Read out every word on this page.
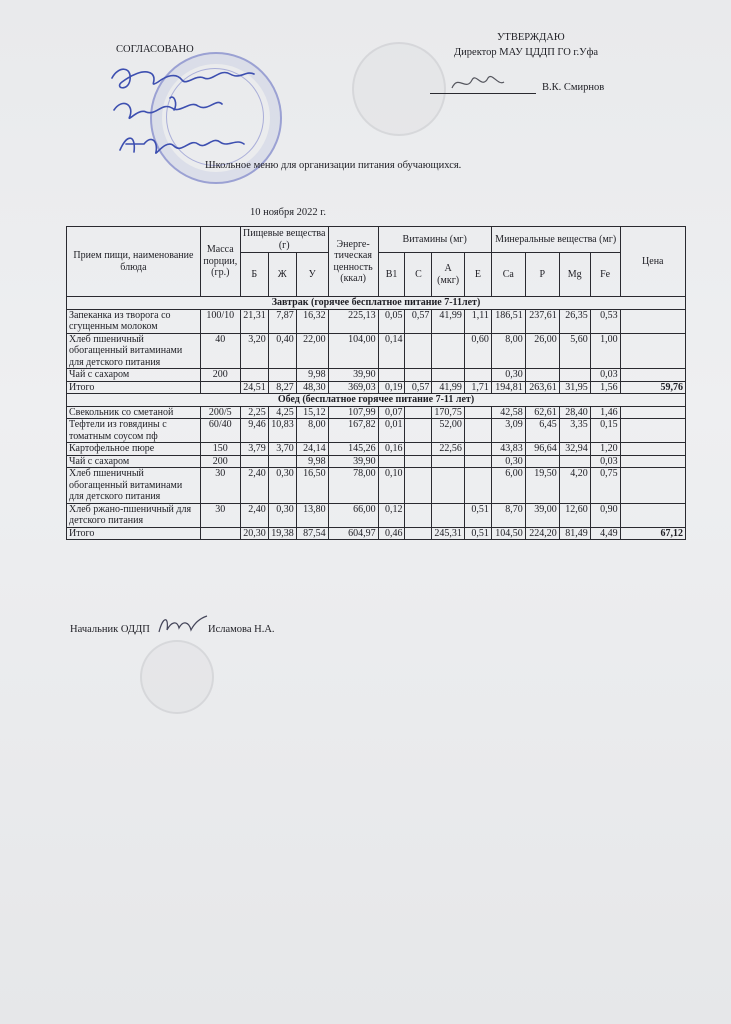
СОГЛАСОВАНО
УТВЕРЖДАЮ
Директор МАУ ЦДДП ГО г.Уфа
В.К. Смирнов
Школьное меню для организации питания обучающихся.
10 ноября 2022 г.
Прием пищи, наименование блюда	Масса порции, (гр.)	Пищевые вещества (г)			Энерге-тическая ценность (ккал)	Витамины (мг)				Минеральные вещества (мг)				Цена
		Б	Ж	У		B1	С	А (мкг)	Е	Ca	P	Mg	Fe	
Завтрак (горячее бесплатное питание 7-11лет)														
Запеканка из творога со сгущенным молоком	100/10	21,31	7,87	16,32	225,13	0,05	0,57	41,99	1,11	186,51	237,61	26,35	0,53	
Хлеб пшеничный обогащенный витаминами для детского питания	40	3,20	0,40	22,00	104,00	0,14			0,60	8,00	26,00	5,60	1,00	
Чай с сахаром	200			9,98	39,90					0,30			0,03	
Итого		24,51	8,27	48,30	369,03	0,19	0,57	41,99	1,71	194,81	263,61	31,95	1,56	59,76
Обед (бесплатное горячее питание 7-11 лет)														
Свекольник со сметаной	200/5	2,25	4,25	15,12	107,99	0,07		170,75		42,58	62,61	28,40	1,46	
Тефтели из говядины с томатным соусом пф	60/40	9,46	10,83	8,00	167,82	0,01		52,00		3,09	6,45	3,35	0,15	
Картофельное пюре	150	3,79	3,70	24,14	145,26	0,16		22,56		43,83	96,64	32,94	1,20	
Чай с сахаром	200			9,98	39,90					0,30			0,03	
Хлеб пшеничный обогащенный витаминами для детского питания	30	2,40	0,30	16,50	78,00	0,10				6,00	19,50	4,20	0,75	
Хлеб ржано-пшеничный для детского питания	30	2,40	0,30	13,80	66,00	0,12			0,51	8,70	39,00	12,60	0,90	
Итого		20,30	19,38	87,54	604,97	0,46		245,31	0,51	104,50	224,20	81,49	4,49	67,12
Начальник ОДДП	Исламова Н.А.
